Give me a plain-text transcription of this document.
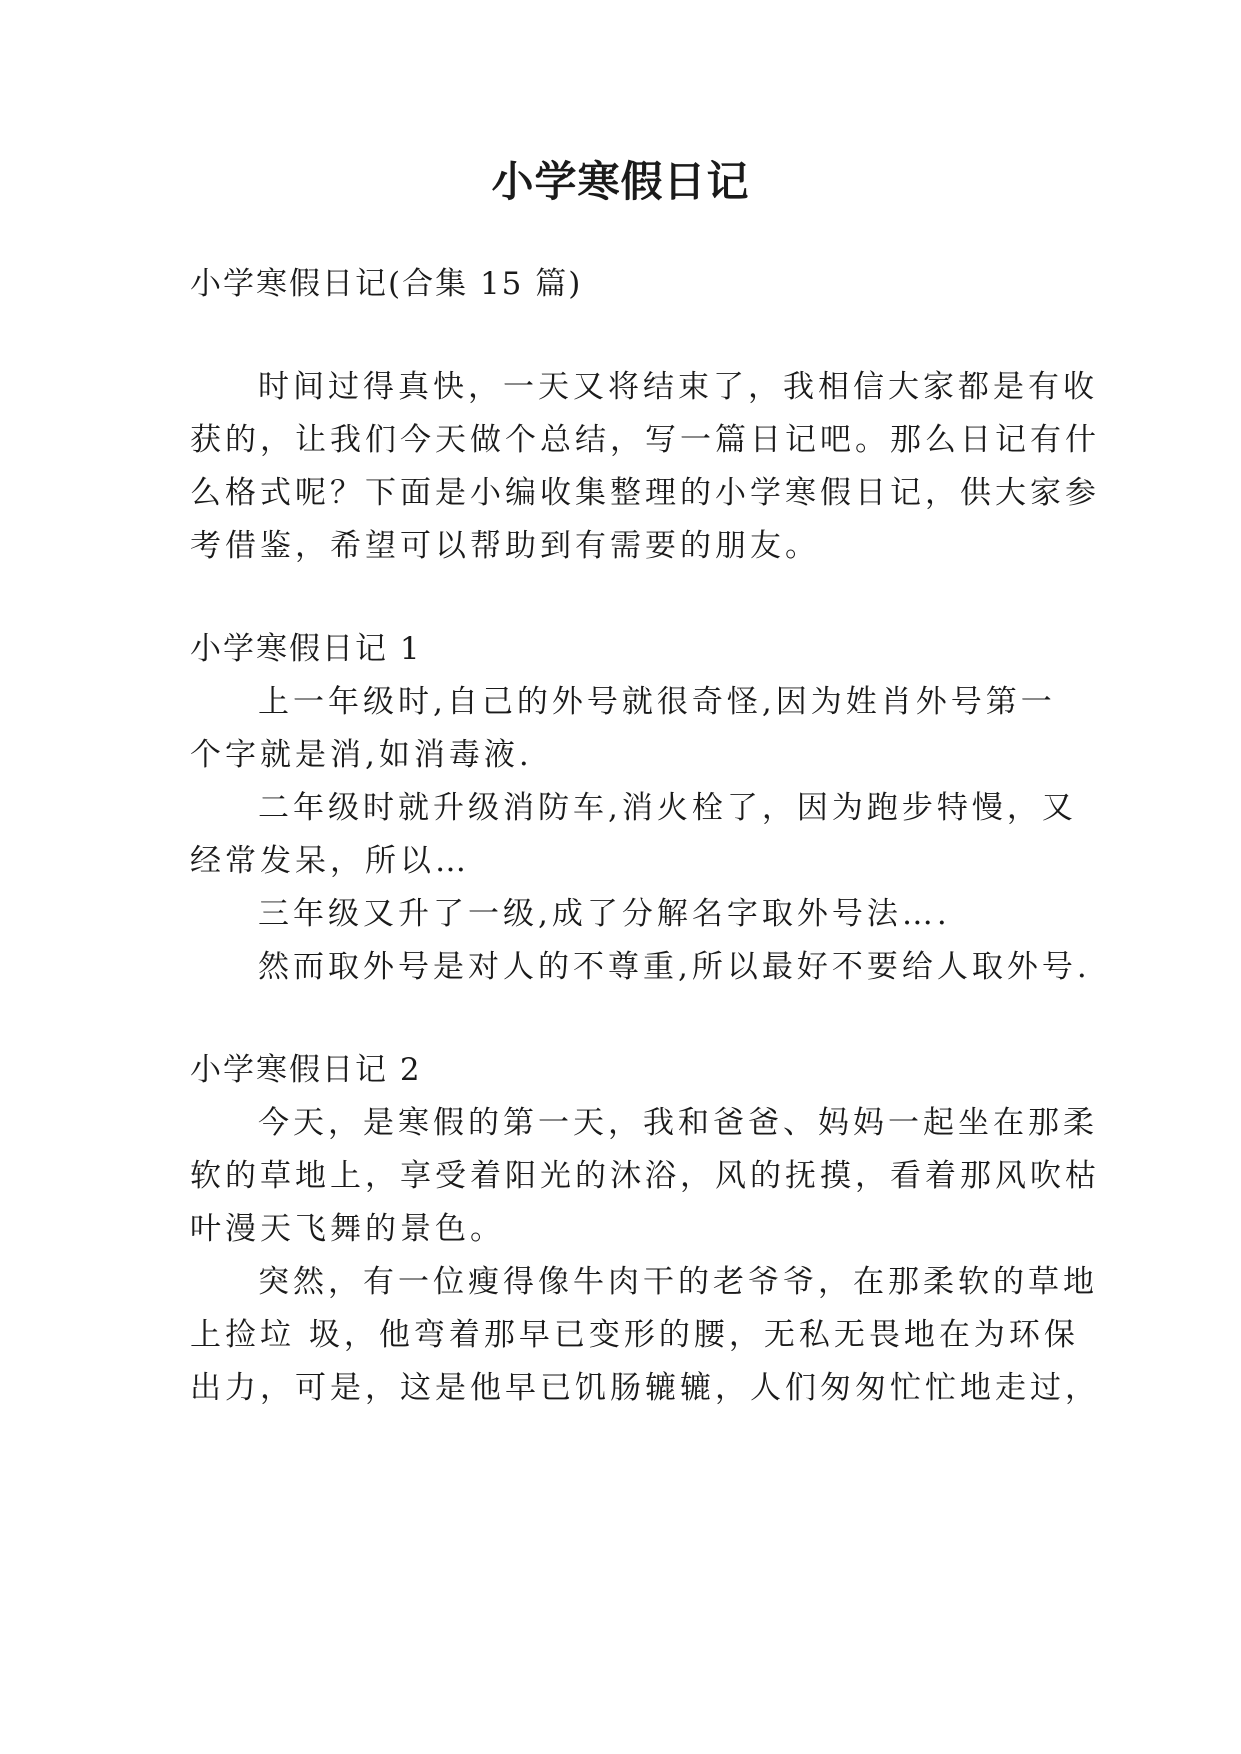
小学寒假日记

小学寒假日记(合集 15 篇)

时间过得真快，一天又将结束了，我相信大家都是有收

获的，让我们今天做个总结，写一篇日记吧。那么日记有什

么格式呢？下面是小编收集整理的小学寒假日记，供大家参

考借鉴，希望可以帮助到有需要的朋友。

小学寒假日记 1

上一年级时,自己的外号就很奇怪,因为姓肖外号第一

个字就是消,如消毒液.

二年级时就升级消防车,消火栓了，因为跑步特慢，又

经常发呆，所以…

三年级又升了一级,成了分解名字取外号法….

然而取外号是对人的不尊重,所以最好不要给人取外号.

小学寒假日记 2

今天，是寒假的第一天，我和爸爸、妈妈一起坐在那柔

软的草地上，享受着阳光的沐浴，风的抚摸，看着那风吹枯

叶漫天飞舞的景色。

突然，有一位瘦得像牛肉干的老爷爷，在那柔软的草地

上捡垃 圾，他弯着那早已变形的腰，无私无畏地在为环保

出力，可是，这是他早已饥肠辘辘，人们匆匆忙忙地走过，
